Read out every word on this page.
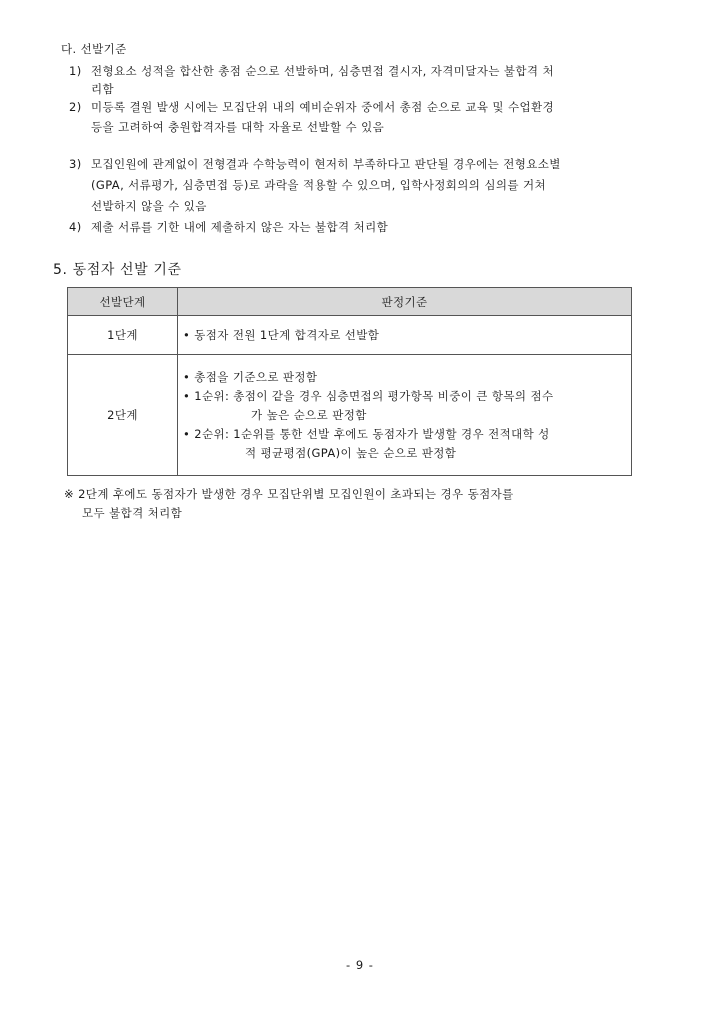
다. 선발기준
1) 전형요소 성적을 합산한 총점 순으로 선발하며, 심층면접 결시자, 자격미달자는 불합격 처
리함
2) 미등록 결원 발생 시에는 모집단위 내의 예비순위자 중에서 총점 순으로 교육 및 수업환경
등을 고려하여 충원합격자를 대학 자율로 선발할 수 있음
3) 모집인원에 관계없이 전형결과 수학능력이 현저히 부족하다고 판단될 경우에는 전형요소별
(GPA, 서류평가, 심층면접 등)로 과락을 적용할 수 있으며, 입학사정회의의 심의를 거쳐
선발하지 않을 수 있음
4) 제출 서류를 기한 내에 제출하지 않은 자는 불합격 처리함
5. 동점자 선발 기준
선발단계	판정기준
1단계	• 동점자 전원 1단계 합격자로 선발함

2단계	• 총점을 기준으로 판정함
• 1순위: 총점이 같을 경우 심층면접의 평가항목 비중이 큰 항목의 점수
가 높은 순으로 판정함
• 2순위: 1순위를 통한 선발 후에도 동점자가 발생할 경우 전적대학 성
적 평균평점(GPA)이 높은 순으로 판정함
※ 2단계 후에도 동점자가 발생한 경우 모집단위별 모집인원이 초과되는 경우 동점자를
모두 불합격 처리함
- 9 -
